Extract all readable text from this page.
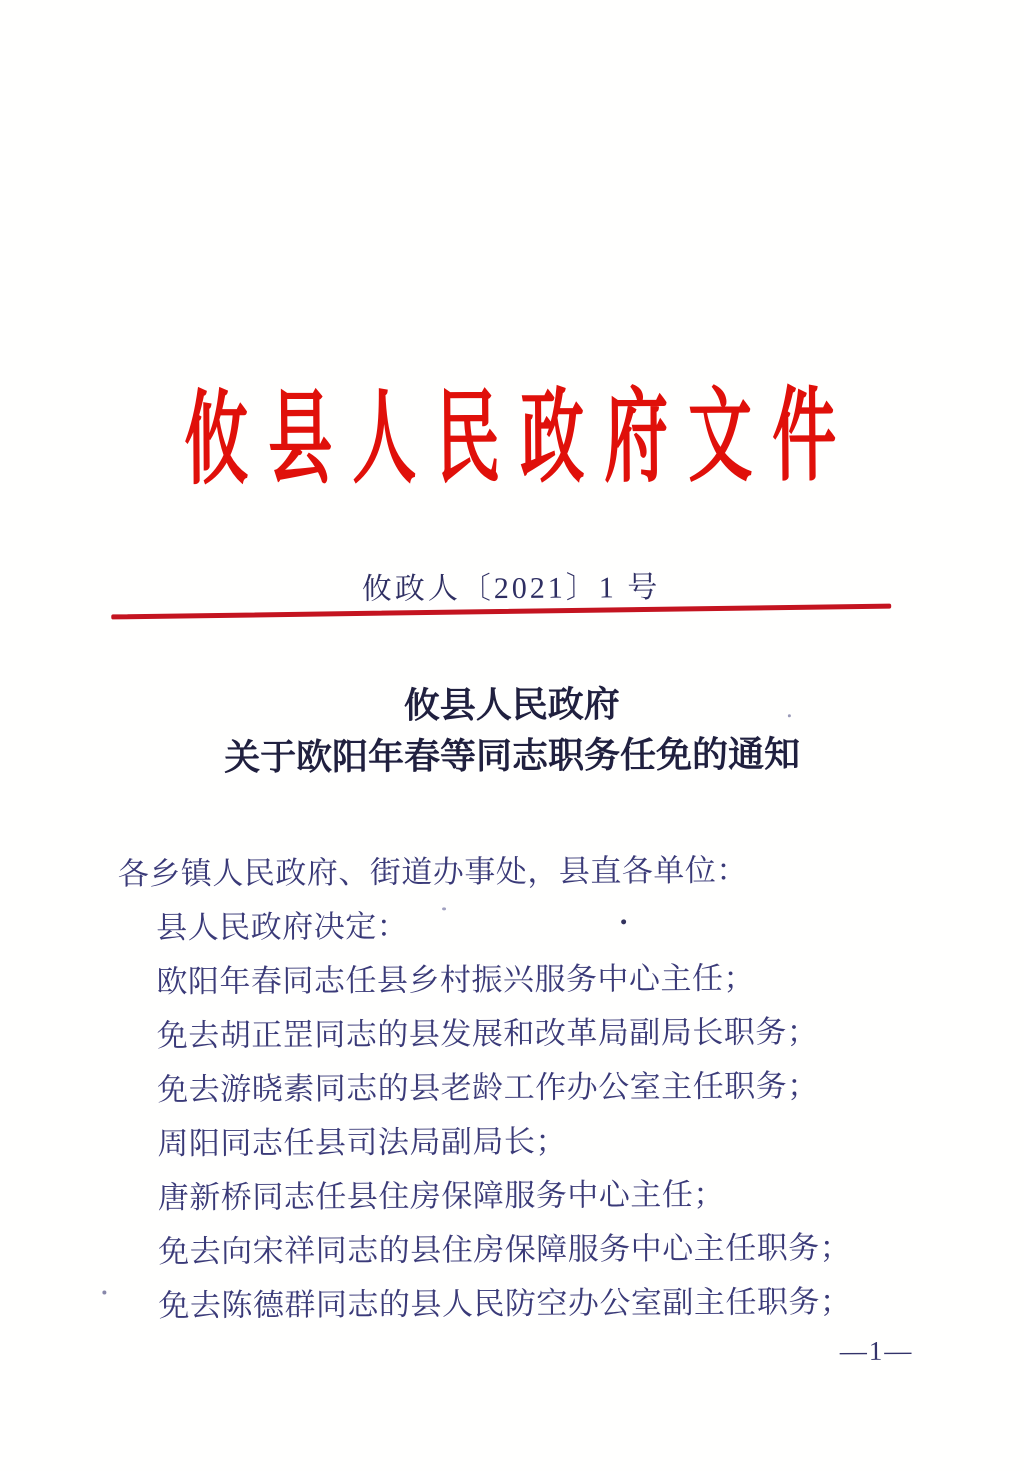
攸县人民政府文件
攸政人〔2021〕1 号
攸县人民政府
关于欧阳年春等同志职务任免的通知

各乡镇人民政府、街道办事处，县直各单位：

县人民政府决定：

欧阳年春同志任县乡村振兴服务中心主任；

免去胡正罡同志的县发展和改革局副局长职务；

免去游晓素同志的县老龄工作办公室主任职务；

周阳同志任县司法局副局长；

唐新桥同志任县住房保障服务中心主任；

免去向宋祥同志的县住房保障服务中心主任职务；

免去陈德群同志的县人民防空办公室副主任职务；

—1—
